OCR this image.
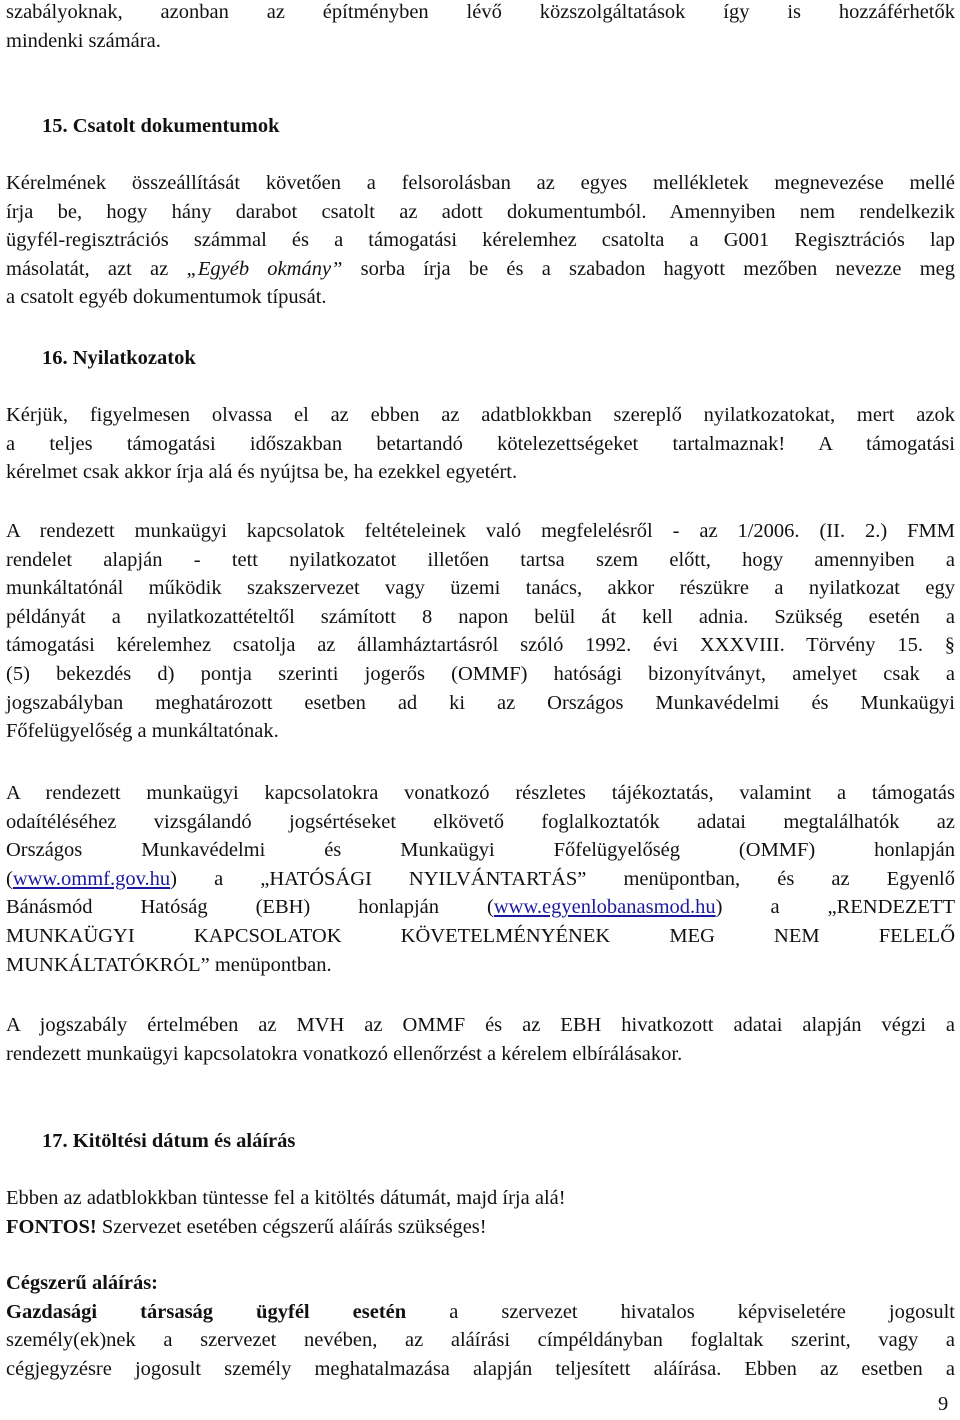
szabályoknak, azonban az építményben lévő közszolgáltatások így is hozzáférhetők
mindenki számára.
15. Csatolt dokumentumok
Kérelmének összeállítását követően a felsorolásban az egyes mellékletek megnevezése mellé
írja be, hogy hány darabot csatolt az adott dokumentumból. Amennyiben nem rendelkezik
ügyfél-regisztrációs számmal és a támogatási kérelemhez csatolta a G001 Regisztrációs lap
másolatát, azt az „Egyéb okmány” sorba írja be és a szabadon hagyott mezőben nevezze meg
a csatolt egyéb dokumentumok típusát.
16. Nyilatkozatok
Kérjük, figyelmesen olvassa el az ebben az adatblokkban szereplő nyilatkozatokat, mert azok
a teljes támogatási időszakban betartandó kötelezettségeket tartalmaznak! A támogatási
kérelmet csak akkor írja alá és nyújtsa be, ha ezekkel egyetért.
A rendezett munkaügyi kapcsolatok feltételeinek való megfelelésről - az 1/2006. (II. 2.) FMM
rendelet alapján - tett nyilatkozatot illetően tartsa szem előtt, hogy amennyiben a
munkáltatónál működik szakszervezet vagy üzemi tanács, akkor részükre a nyilatkozat egy
példányát a nyilatkozattételtől számított 8 napon belül át kell adnia. Szükség esetén a
támogatási kérelemhez csatolja az államháztartásról szóló 1992. évi XXXVIII. Törvény 15. §
(5) bekezdés d) pontja szerinti jogerős (OMMF) hatósági bizonyítványt, amelyet csak a
jogszabályban meghatározott esetben ad ki az Országos Munkavédelmi és Munkaügyi
Főfelügyelőség a munkáltatónak.
A rendezett munkaügyi kapcsolatokra vonatkozó részletes tájékoztatás, valamint a támogatás
odaítéléséhez vizsgálandó jogsértéseket elkövető foglalkoztatók adatai megtalálhatók az
Országos Munkavédelmi és Munkaügyi Főfelügyelőség (OMMF) honlapján
(www.ommf.gov.hu) a „HATÓSÁGI NYILVÁNTARTÁS” menüpontban, és az Egyenlő
Bánásmód Hatóság (EBH) honlapján (www.egyenlobanasmod.hu) a „RENDEZETT
MUNKAÜGYI KAPCSOLATOK KÖVETELMÉNYÉNEK MEG NEM FELELŐ
MUNKÁLTATÓKRÓL” menüpontban.
A jogszabály értelmében az MVH az OMMF és az EBH hivatkozott adatai alapján végzi a
rendezett munkaügyi kapcsolatokra vonatkozó ellenőrzést a kérelem elbírálásakor.
17. Kitöltési dátum és aláírás
Ebben az adatblokkban tüntesse fel a kitöltés dátumát, majd írja alá!
FONTOS! Szervezet esetében cégszerű aláírás szükséges!
Cégszerű aláírás:
Gazdasági társaság ügyfél esetén a szervezet hivatalos képviseletére jogosult
személy(ek)nek a szervezet nevében, az aláírási címpéldányban foglaltak szerint, vagy a
cégjegyzésre jogosult személy meghatalmazása alapján teljesített aláírása. Ebben az esetben a
9
